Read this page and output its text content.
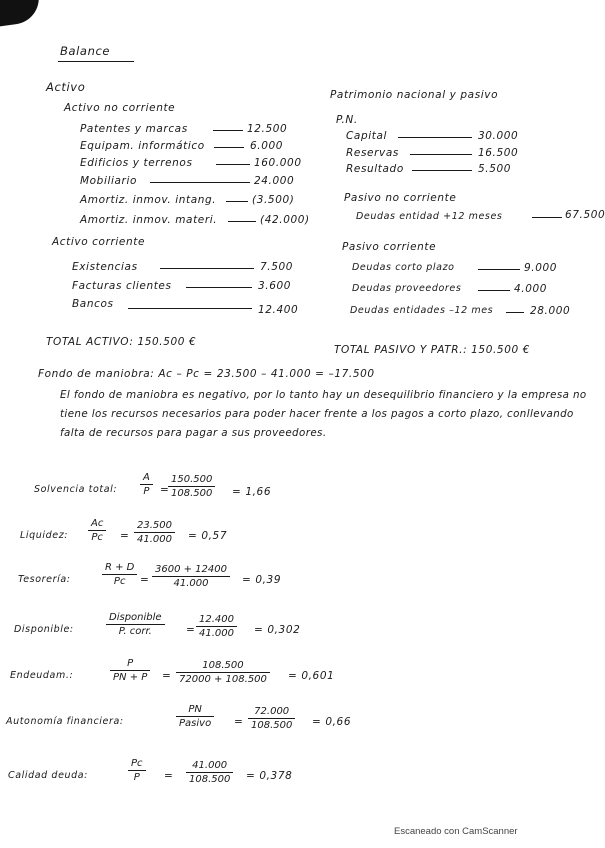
Balance
Activo
Activo no corriente
Patentes y marcas	12.500
Equipam. informático	6.000
Edificios y terrenos	160.000
Mobiliario	24.000
Amortiz. inmov. intang.	(3.500)
Amortiz. inmov. materi.	(42.000)
Activo corriente
Existencias	7.500
Facturas clientes	3.600
Bancos	12.400
TOTAL ACTIVO: 150.500 €
Patrimonio nacional y pasivo
P.N.
Capital	30.000
Reservas	16.500
Resultado	5.500
Pasivo no corriente
Deudas entidad +12 meses	67.500
Pasivo corriente
Deudas corto plazo	9.000
Deudas proveedores	4.000
Deudas entidades –12 mes	28.000
TOTAL PASIVO Y PATR.: 150.500 €
Fondo de maniobra: Ac – Pc = 23.500 – 41.000 = –17.500
El fondo de maniobra es negativo, por lo tanto hay un desequilibrio financiero y la empresa no tiene los recursos necesarios para poder hacer frente a los pagos a corto plazo, conllevando falta de recursos para pagar a sus proveedores.
Solvencia total: $\frac{A}{P}$ =
$\frac{150.500}{108.500} = 1,66$
Liquidez: $\frac{Ac}{Pc} = \frac{23.500}{41.000} = 0,57$
Tesorería:	$\frac{R + D}{Pc} = \frac{3600 + 12400}{41.000} = 0,39$
Disponible:
Disponible
P. corr.	= $\frac{12.400}{41.000} = 0,302$
Endeudam.:	$\frac{P}{PN + P} = \frac{108.500}{72000 + 108.500} = 0,601$
Autonomía financiera:
PN
Pasivo = $\frac{72.000}{108.500} = 0,66$
Calidad deuda:	$\frac{Pc}{P} = \frac{41.000}{108.500} = 0,378$
Escaneado con CamScanner
